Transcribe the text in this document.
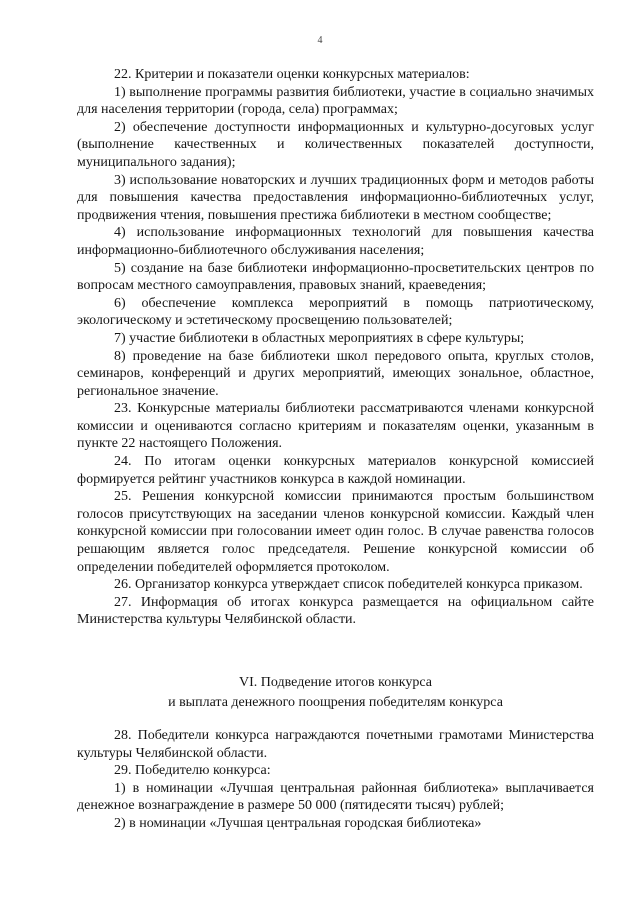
4

22. Критерии и показатели оценки конкурсных материалов:

1) выполнение программы развития библиотеки, участие в социально значимых для населения территории (города, села) программах;

2) обеспечение доступности информационных и культурно-досуговых услуг (выполнение качественных и количественных показателей доступности, муниципального задания);

3) использование новаторских и лучших традиционных форм и методов работы для повышения качества предоставления информационно-библиотечных услуг, продвижения чтения, повышения престижа библиотеки в местном сообществе;

4) использование информационных технологий для повышения качества информационно-библиотечного обслуживания населения;

5) создание на базе библиотеки информационно-просветительских центров по вопросам местного самоуправления, правовых знаний, краеведения;

6) обеспечение комплекса мероприятий в помощь патриотическому, экологическому и эстетическому просвещению пользователей;

7) участие библиотеки в областных мероприятиях в сфере культуры;

8) проведение на базе библиотеки школ передового опыта, круглых столов, семинаров, конференций и других мероприятий, имеющих зональное, областное, региональное значение.

23. Конкурсные материалы библиотеки рассматриваются членами конкурсной комиссии и оцениваются согласно критериям и показателям оценки, указанным в пункте 22 настоящего Положения.

24. По итогам оценки конкурсных материалов конкурсной комиссией формируется рейтинг участников конкурса в каждой номинации.

25. Решения конкурсной комиссии принимаются простым большинством голосов присутствующих на заседании членов конкурсной комиссии. Каждый член конкурсной комиссии при голосовании имеет один голос. В случае равенства голосов решающим является голос председателя. Решение конкурсной комиссии об определении победителей оформляется протоколом.

26. Организатор конкурса утверждает список победителей конкурса приказом.

27. Информация об итогах конкурса размещается на официальном сайте Министерства культуры Челябинской области.

VI. Подведение итогов конкурса
и выплата денежного поощрения победителям конкурса

28. Победители конкурса награждаются почетными грамотами Министерства культуры Челябинской области.

29. Победителю конкурса:

1) в номинации «Лучшая центральная районная библиотека» выплачивается денежное вознаграждение в размере 50 000 (пятидесяти тысяч) рублей;

2) в номинации «Лучшая центральная городская библиотека»
